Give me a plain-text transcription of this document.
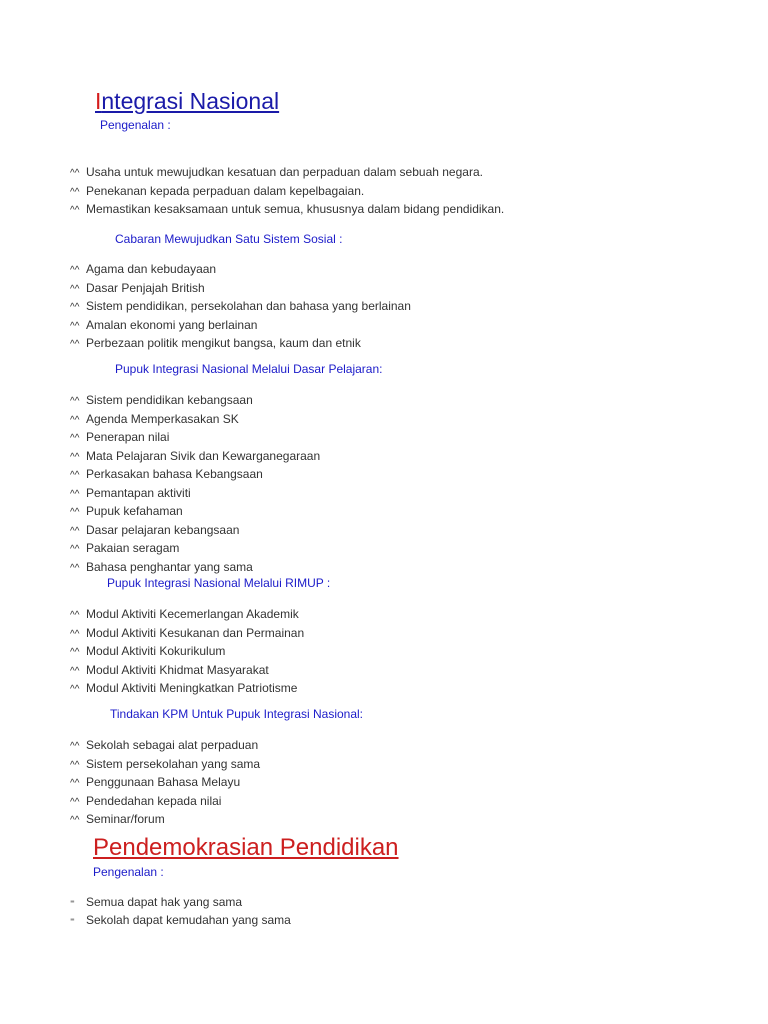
Integrasi Nasional
Pengenalan :
^^ Usaha untuk mewujudkan kesatuan dan perpaduan dalam sebuah negara.
^^ Penekanan kepada perpaduan dalam kepelbagaian.
^^ Memastikan kesaksamaan untuk semua, khususnya dalam bidang pendidikan.
Cabaran Mewujudkan Satu Sistem Sosial :
^^ Agama dan kebudayaan
^^ Dasar Penjajah British
^^ Sistem pendidikan, persekolahan dan bahasa yang berlainan
^^ Amalan ekonomi yang berlainan
^^ Perbezaan politik mengikut bangsa, kaum dan etnik
Pupuk Integrasi Nasional Melalui Dasar Pelajaran:
^^ Sistem pendidikan kebangsaan
^^ Agenda Memperkasakan SK
^^ Penerapan nilai
^^ Mata Pelajaran Sivik dan Kewarganegaraan
^^ Perkasakan bahasa Kebangsaan
^^ Pemantapan aktiviti
^^ Pupuk kefahaman
^^ Dasar pelajaran kebangsaan
^^ Pakaian seragam
^^ Bahasa penghantar yang sama
Pupuk Integrasi Nasional Melalui RIMUP :
^^ Modul Aktiviti Kecemerlangan Akademik
^^ Modul Aktiviti Kesukanan dan Permainan
^^ Modul Aktiviti Kokurikulum
^^ Modul Aktiviti Khidmat Masyarakat
^^ Modul Aktiviti Meningkatkan Patriotisme
Tindakan KPM Untuk Pupuk Integrasi Nasional:
^^ Sekolah sebagai alat perpaduan
^^ Sistem persekolahan yang sama
^^ Penggunaan Bahasa Melayu
^^ Pendedahan kepada nilai
^^ Seminar/forum
Pendemokrasian Pendidikan
Pengenalan :
⁼ Semua dapat hak yang sama
⁼ Sekolah dapat kemudahan yang sama
